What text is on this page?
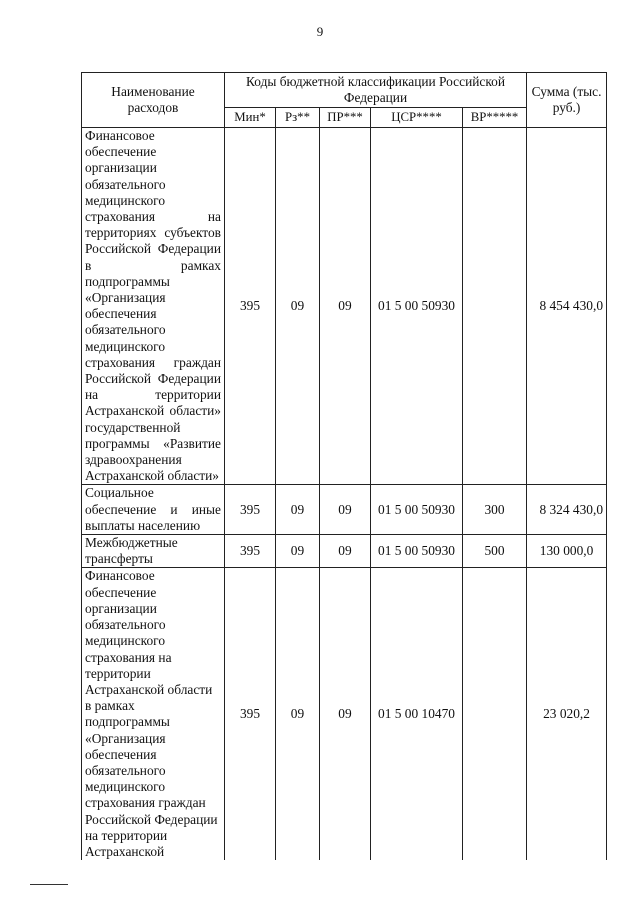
9
Наименование расходов	Коды бюджетной классификации Российской Федерации					Сумма (тыс. руб.)
	Мин*	Рз**	ПР***	ЦСР****	ВР*****	
Финансовое обеспечение организации обязательного медицинского страхования на территориях субъектов Российской Федерации в рамках подпрограммы «Организация обеспечения обязательного медицинского страхования граждан Российской Федерации на территории Астраханской области» государственной программы «Развитие здравоохранения Астраханской области»	395	09	09	01 5 00 50930		8 454 430,0
Социальное обеспечение и иные выплаты населению	395	09	09	01 5 00 50930	300	8 324 430,0
Межбюджетные трансферты	395	09	09	01 5 00 50930	500	130 000,0
Финансовое обеспечение организации обязательного медицинского страхования на территории Астраханской области в рамках подпрограммы «Организация обеспечения обязательного медицинского страхования граждан Российской Федерации на территории Астраханской	395	09	09	01 5 00 10470		23 020,2
